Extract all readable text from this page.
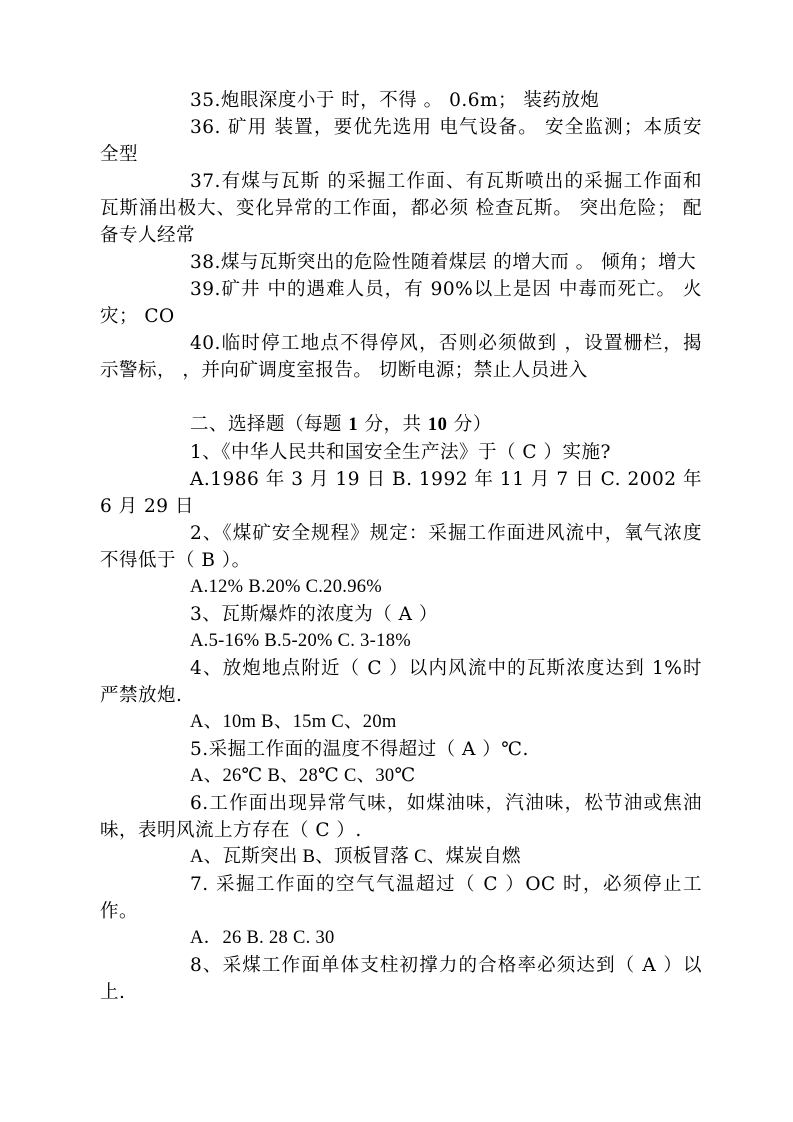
35.炮眼深度小于 时，不得 。 0.6m； 装药放炮

36. 矿用 装置，要优先选用 电气设备。 安全监测；本质安全型

37.有煤与瓦斯 的采掘工作面、有瓦斯喷出的采掘工作面和瓦斯涌出极大、变化异常的工作面，都必须 检查瓦斯。 突出危险； 配备专人经常

38.煤与瓦斯突出的危险性随着煤层 的增大而 。 倾角；增大

39.矿井 中的遇难人员，有 90%以上是因 中毒而死亡。 火灾； CO

40.临时停工地点不得停风，否则必须做到 ，设置栅栏，揭示警标， ，并向矿调度室报告。 切断电源；禁止人员进入

二、选择题（每题 1 分，共 10 分）

1、《中华人民共和国安全生产法》于（ C ）实施?

A.1986 年 3 月 19 日 B. 1992 年 11 月 7 日 C. 2002 年 6 月 29 日

2、《煤矿安全规程》规定：采掘工作面进风流中，氧气浓度不得低于（ B ）。

A.12% B.20% C.20.96%

3、瓦斯爆炸的浓度为（ A ）

A.5-16% B.5-20% C. 3-18%

4、放炮地点附近（ C ）以内风流中的瓦斯浓度达到 1%时严禁放炮.

A、10m B、15m C、20m

5.采掘工作面的温度不得超过（ A ）℃.

A、26℃ B、28℃ C、30℃

6.工作面出现异常气味，如煤油味，汽油味，松节油或焦油味，表明风流上方存在（ C ）.

A、瓦斯突出 B、顶板冒落 C、煤炭自燃

7. 采掘工作面的空气气温超过（ C ）OC 时，必须停止工作。

A．26 B. 28 C. 30

8、采煤工作面单体支柱初撑力的合格率必须达到（ A ）以上.
